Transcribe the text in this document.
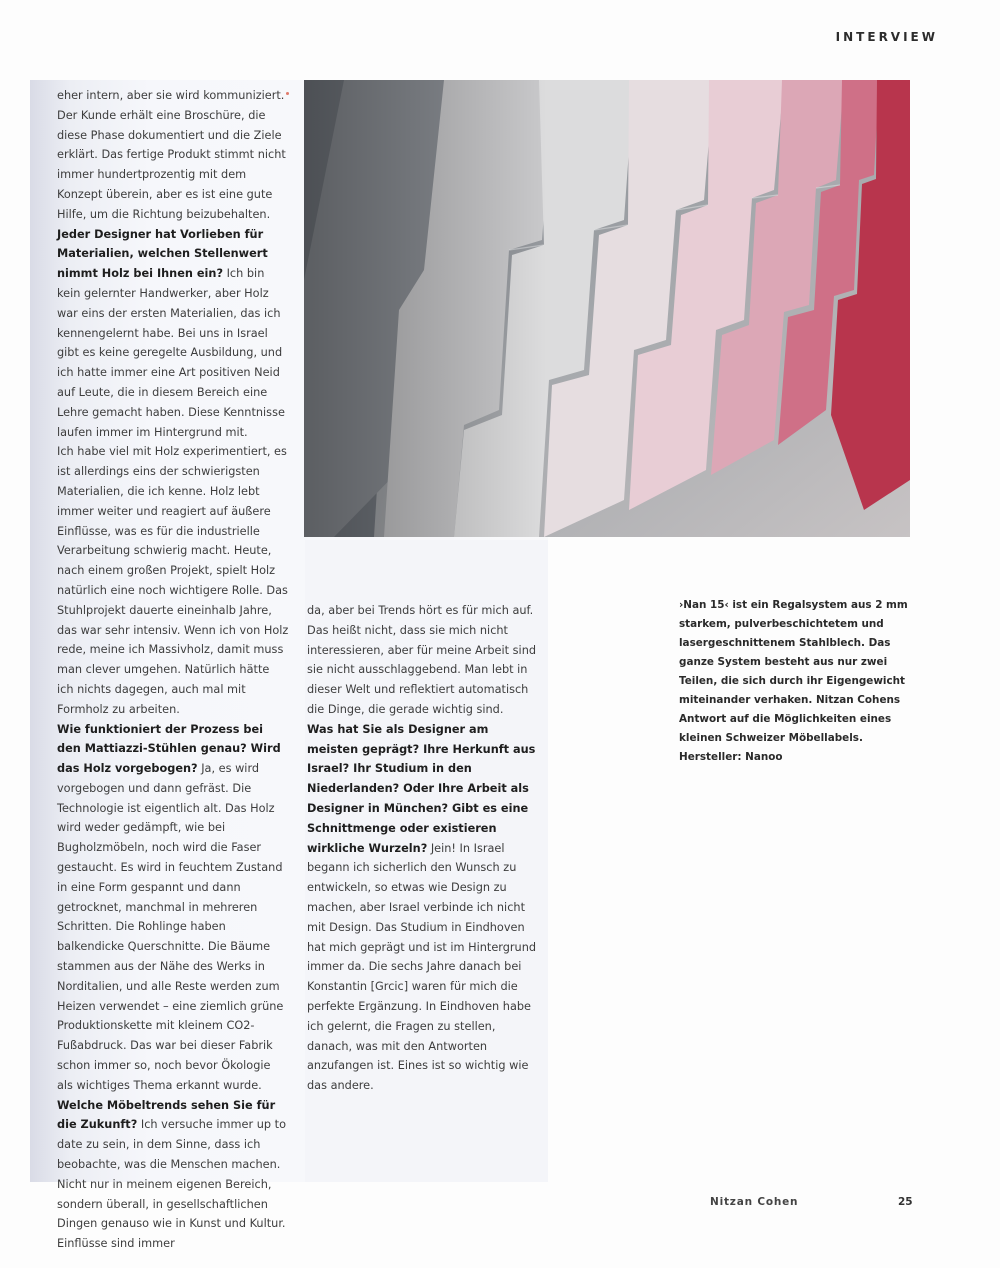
INTERVIEW

eher intern, aber sie wird kommuniziert. Der Kunde erhält eine Broschüre, die diese Phase dokumentiert und die Ziele erklärt. Das fertige Produkt stimmt nicht immer hundertprozentig mit dem Konzept überein, aber es ist eine gute Hilfe, um die Richtung beizubehalten.
Jeder Designer hat Vorlieben für Materialien, welchen Stellenwert nimmt Holz bei Ihnen ein? Ich bin kein gelernter Handwerker, aber Holz war eins der ersten Materialien, das ich kennengelernt habe. Bei uns in Israel gibt es keine geregelte Ausbildung, und ich hatte immer eine Art positiven Neid auf Leute, die in diesem Bereich eine Lehre gemacht haben. Diese Kenntnisse laufen immer im Hintergrund mit.
Ich habe viel mit Holz experimentiert, es ist allerdings eins der schwierigsten Materialien, die ich kenne. Holz lebt immer weiter und reagiert auf äußere Einflüsse, was es für die industrielle Verarbeitung schwierig macht. Heute, nach einem großen Projekt, spielt Holz natürlich eine noch wichtigere Rolle. Das Stuhlprojekt dauerte eineinhalb Jahre, das war sehr intensiv. Wenn ich von Holz rede, meine ich Massivholz, damit muss man clever umgehen. Natürlich hätte ich nichts dagegen, auch mal mit Formholz zu arbeiten.
Wie funktioniert der Prozess bei den Mattiazzi-Stühlen genau? Wird das Holz vorgebogen? Ja, es wird vorgebogen und dann gefräst. Die Technologie ist eigentlich alt. Das Holz wird weder gedämpft, wie bei Bugholzmöbeln, noch wird die Faser gestaucht. Es wird in feuchtem Zustand in eine Form gespannt und dann getrocknet, manchmal in mehreren Schritten. Die Rohlinge haben balkendicke Querschnitte. Die Bäume stammen aus der Nähe des Werks in Norditalien, und alle Reste werden zum Heizen verwendet – eine ziemlich grüne Produktionskette mit kleinem CO2-Fußabdruck. Das war bei dieser Fabrik schon immer so, noch bevor Ökologie als wichtiges Thema erkannt wurde.
Welche Möbeltrends sehen Sie für die Zukunft? Ich versuche immer up to date zu sein, in dem Sinne, dass ich beobachte, was die Menschen machen. Nicht nur in meinem eigenen Bereich, sondern überall, in gesellschaftlichen Dingen genauso wie in Kunst und Kultur. Einflüsse sind immer

da, aber bei Trends hört es für mich auf. Das heißt nicht, dass sie mich nicht interessieren, aber für meine Arbeit sind sie nicht ausschlaggebend. Man lebt in dieser Welt und reflektiert automatisch die Dinge, die gerade wichtig sind.
Was hat Sie als Designer am meisten geprägt? Ihre Herkunft aus Israel? Ihr Studium in den Niederlanden? Oder Ihre Arbeit als Designer in München? Gibt es eine Schnittmenge oder existieren wirkliche Wurzeln? Jein! In Israel begann ich sicherlich den Wunsch zu entwickeln, so etwas wie Design zu machen, aber Israel verbinde ich nicht mit Design. Das Studium in Eindhoven hat mich geprägt und ist im Hintergrund immer da. Die sechs Jahre danach bei Konstantin [Grcic] waren für mich die perfekte Ergänzung. In Eindhoven habe ich gelernt, die Fragen zu stellen, danach, was mit den Antworten anzufangen ist. Eines ist so wichtig wie das andere.

›Nan 15‹ ist ein Regalsystem aus 2 mm starkem, pulverbeschichtetem und lasergeschnittenem Stahlblech. Das ganze System besteht aus nur zwei Teilen, die sich durch ihr Eigengewicht miteinander verhaken. Nitzan Cohens Antwort auf die Möglichkeiten eines kleinen Schweizer Möbellabels. Hersteller: Nanoo
Nitzan Cohen	25
